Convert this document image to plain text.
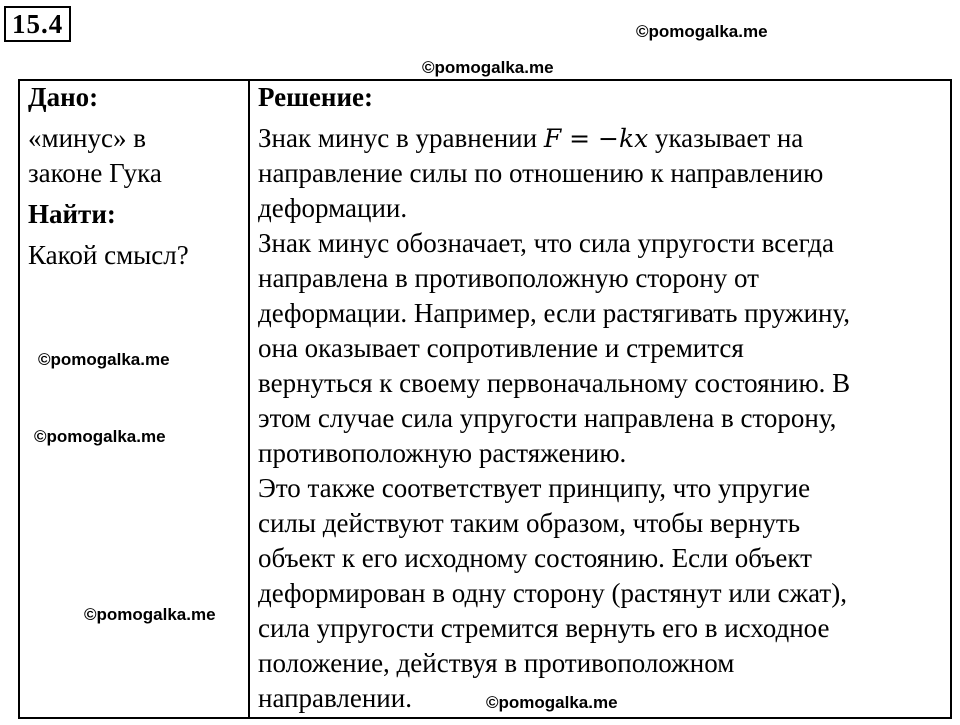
15.4	©pomogalka.me
©pomogalka.me
©pomogalka.me
©pomogalka.me
©pomogalka.me
©pomogalka.me
Дано:
«минус» в
законе Гука
Найти:
Какой смысл?
Решение:
Знак минус в уравнении F = −kx указывает на
направление силы по отношению к направлению
деформации.
Знак минус обозначает, что сила упругости всегда
направлена в противоположную сторону от
деформации. Например, если растягивать пружину,
она оказывает сопротивление и стремится
вернуться к своему первоначальному состоянию. В
этом случае сила упругости направлена в сторону,
противоположную растяжению.
Это также соответствует принципу, что упругие
силы действуют таким образом, чтобы вернуть
объект к его исходному состоянию. Если объект
деформирован в одну сторону (растянут или сжат),
сила упругости стремится вернуть его в исходное
положение, действуя в противоположном
направлении.
